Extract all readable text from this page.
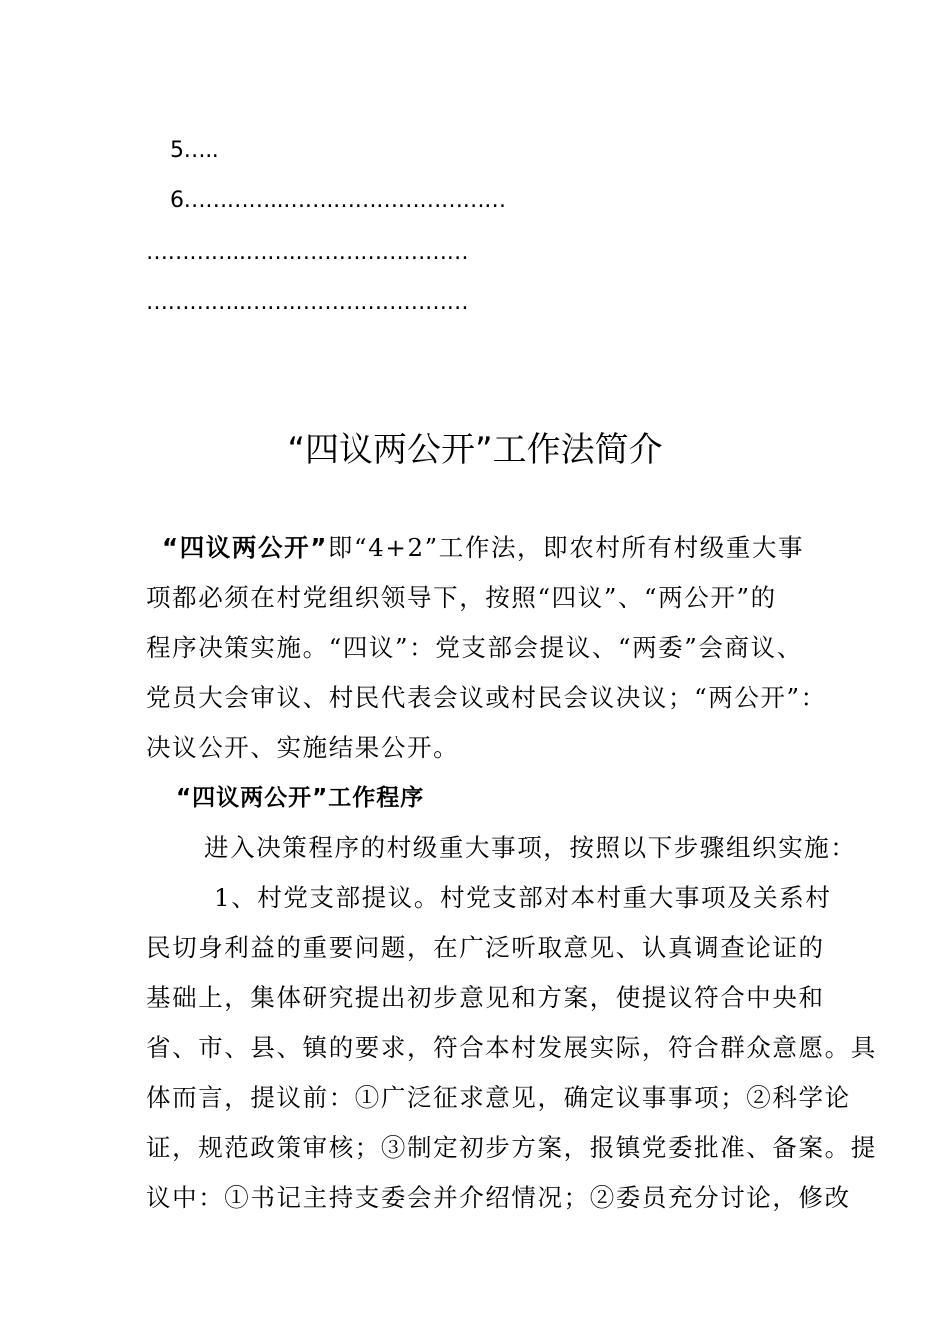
5…..
6…………..…….……………………
…………..…….……………………
…………..…….……………………
“四议两公开”工作法简介
“四议两公开”即“4+2”工作法，即农村所有村级重大事
项都必须在村党组织领导下，按照“四议”、“两公开”的
程序决策实施。“四议”：党支部会提议、“两委”会商议、
党员大会审议、村民代表会议或村民会议决议；“两公开”：
决议公开、实施结果公开。
“四议两公开”工作程序
进入决策程序的村级重大事项，按照以下步骤组织实施：
1、村党支部提议。村党支部对本村重大事项及关系村
民切身利益的重要问题，在广泛听取意见、认真调查论证的
基础上，集体研究提出初步意见和方案，使提议符合中央和
省、市、县、镇的要求，符合本村发展实际，符合群众意愿。具
体而言，提议前：①广泛征求意见，确定议事事项；②科学论
证，规范政策审核；③制定初步方案，报镇党委批准、备案。提
议中：①书记主持支委会并介绍情况；②委员充分讨论，修改
